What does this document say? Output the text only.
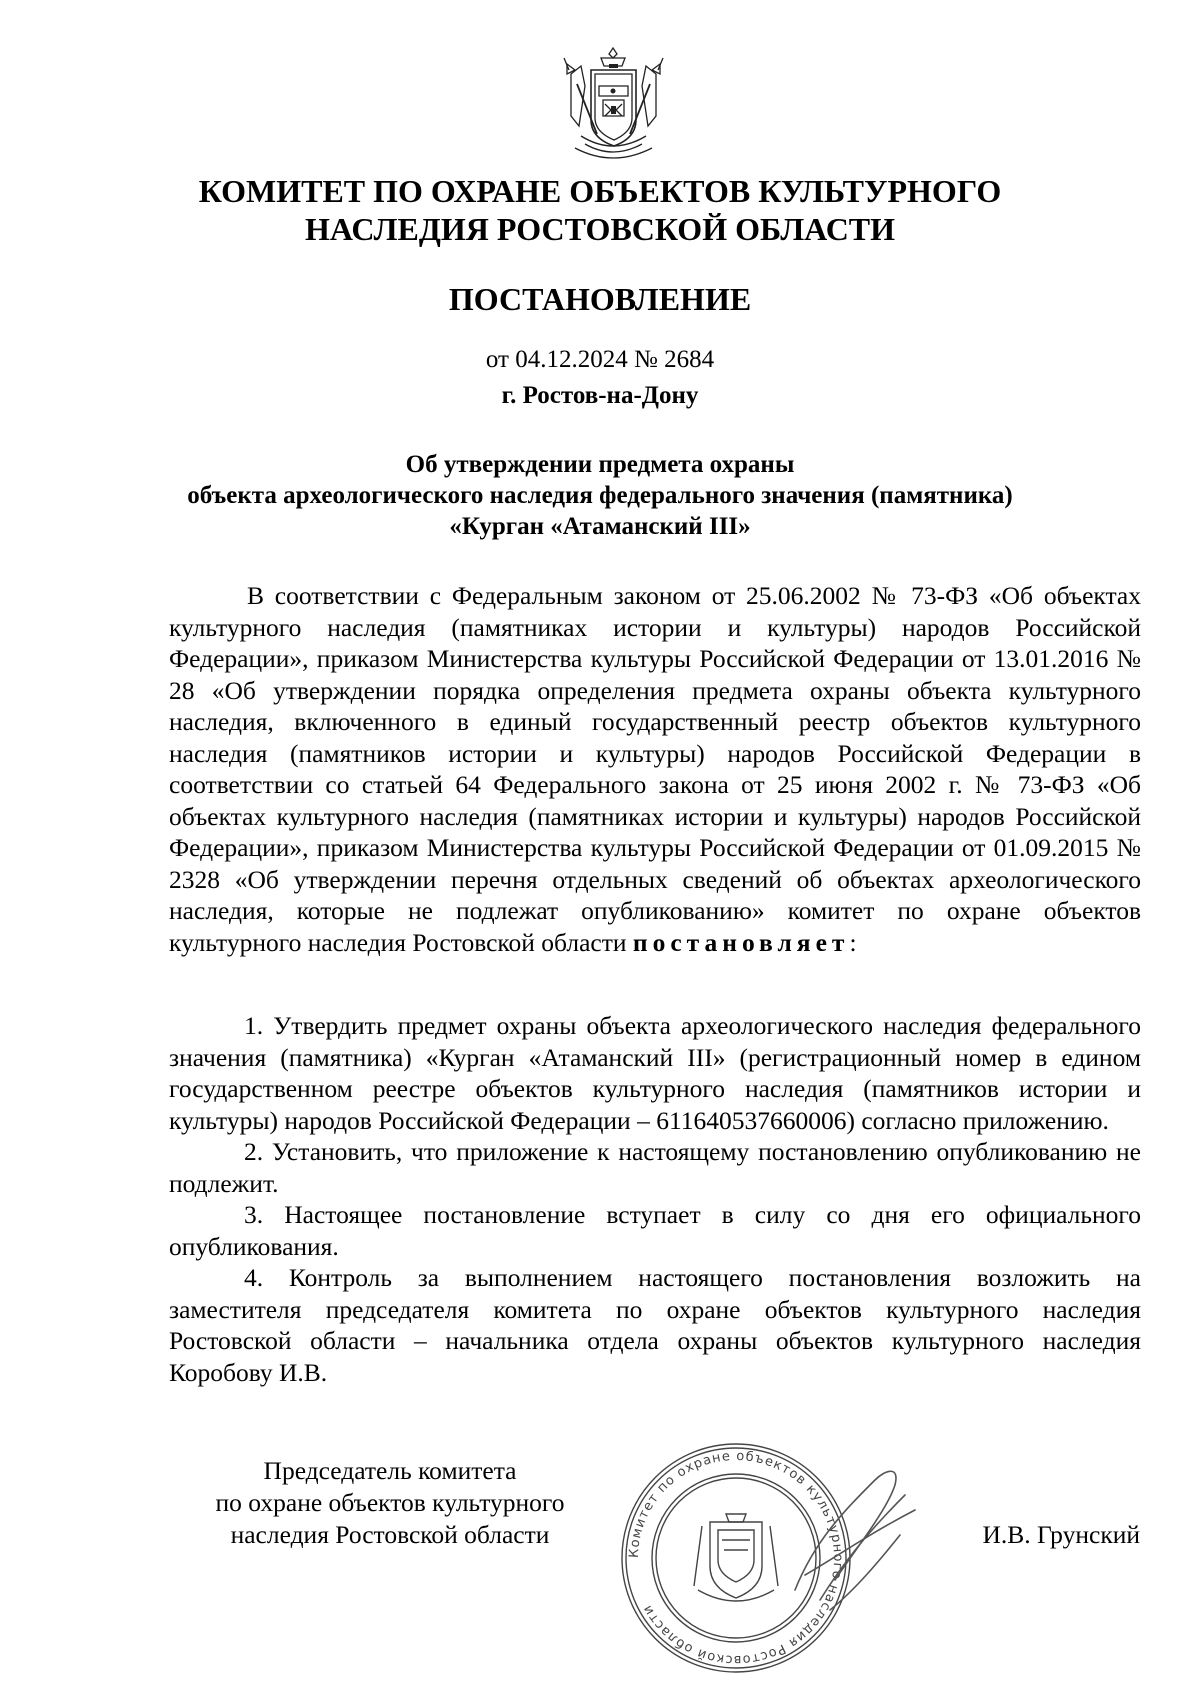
КОМИТЕТ ПО ОХРАНЕ ОБЪЕКТОВ КУЛЬТУРНОГО
НАСЛЕДИЯ РОСТОВСКОЙ ОБЛАСТИ
ПОСТАНОВЛЕНИЕ
от 04.12.2024 № 2684
г. Ростов-на-Дону
Об утверждении предмета охраны
объекта археологического наследия федерального значения (памятника)
«Курган «Атаманский III»
В соответствии с Федеральным законом от 25.06.2002 № 73-ФЗ «Об объектах культурного наследия (памятниках истории и культуры) народов Российской Федерации», приказом Министерства культуры Российской Федерации от 13.01.2016 № 28 «Об утверждении порядка определения предмета охраны объекта культурного наследия, включенного в единый государственный реестр объектов культурного наследия (памятников истории и культуры) народов Российской Федерации в соответствии со статьей 64 Федерального закона от 25 июня 2002 г. № 73-ФЗ «Об объектах культурного наследия (памятниках истории и культуры) народов Российской Федерации», приказом Министерства культуры Российской Федерации от 01.09.2015 № 2328 «Об утверждении перечня отдельных сведений об объектах археологического наследия, которые не подлежат опубликованию» комитет по охране объектов культурного наследия Ростовской области постановляет:

1. Утвердить предмет охраны объекта археологического наследия федерального значения (памятника) «Курган «Атаманский III» (регистрационный номер в едином государственном реестре объектов культурного наследия (памятников истории и культуры) народов Российской Федерации – 611640537660006) согласно приложению.

2. Установить, что приложение к настоящему постановлению опубликованию не подлежит.

3. Настоящее постановление вступает в силу со дня его официального опубликования.

4. Контроль за выполнением настоящего постановления возложить на заместителя председателя комитета по охране объектов культурного наследия Ростовской области – начальника отдела охраны объектов культурного наследия Коробову И.В.

Председатель комитета
по охране объектов культурного
наследия Ростовской области
Комитет по охране объектов культурного наследия Ростовской области
И.В. Грунский
